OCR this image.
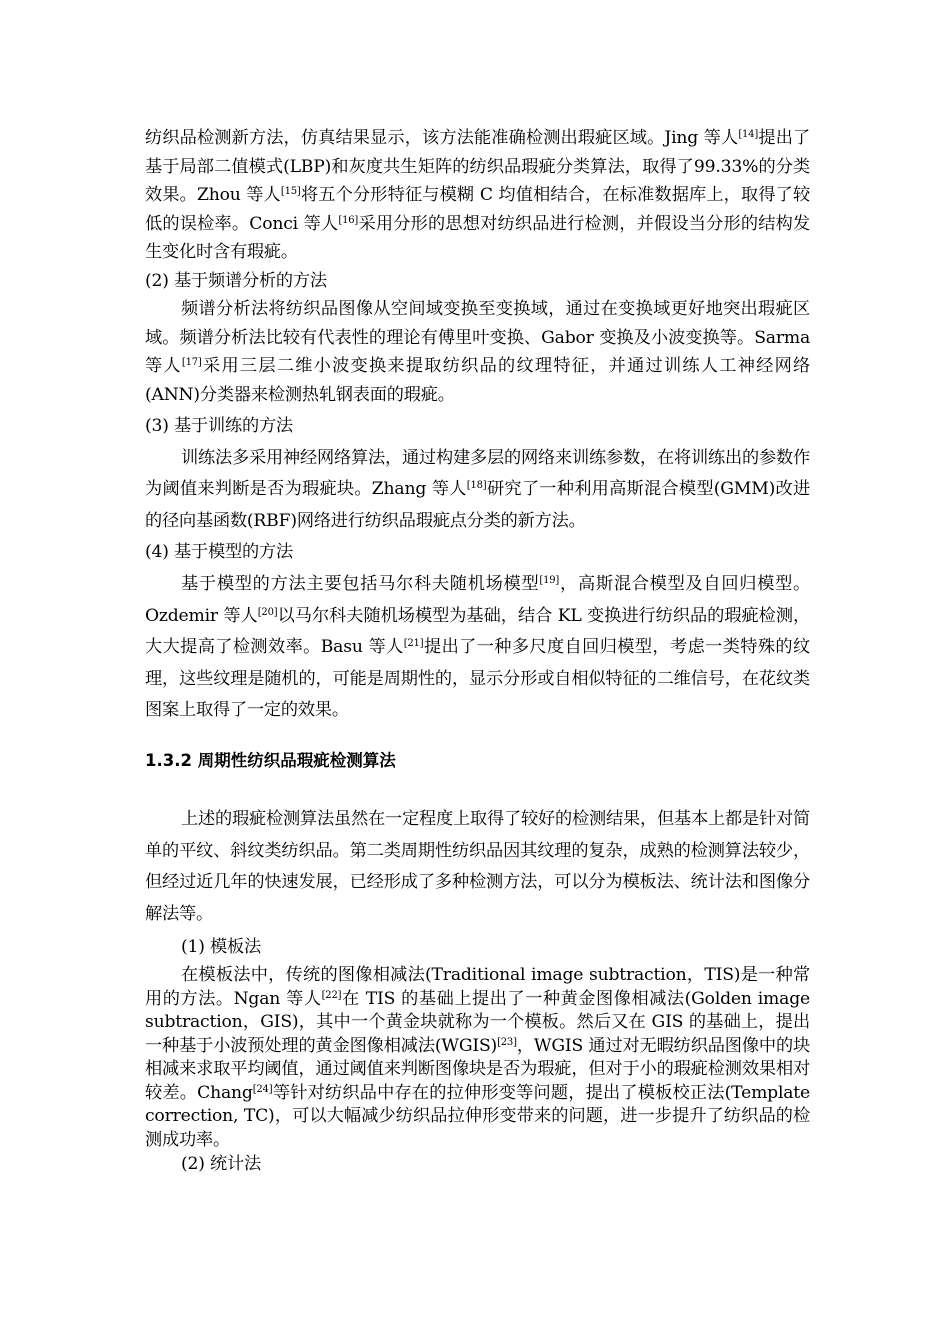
纺织品检测新方法，仿真结果显示，该方法能准确检测出瑕疵区域。Jing 等人[14]提出了基于局部二值模式(LBP)和灰度共生矩阵的纺织品瑕疵分类算法，取得了99.33%的分类效果。Zhou 等人[15]将五个分形特征与模糊 C 均值相结合，在标准数据库上，取得了较低的误检率。Conci 等人[16]采用分形的思想对纺织品进行检测，并假设当分形的结构发生变化时含有瑕疵。

(2) 基于频谱分析的方法

频谱分析法将纺织品图像从空间域变换至变换域，通过在变换域更好地突出瑕疵区域。频谱分析法比较有代表性的理论有傅里叶变换、Gabor 变换及小波变换等。Sarma 等人[17]采用三层二维小波变换来提取纺织品的纹理特征，并通过训练人工神经网络(ANN)分类器来检测热轧钢表面的瑕疵。

(3) 基于训练的方法

训练法多采用神经网络算法，通过构建多层的网络来训练参数，在将训练出的参数作为阈值来判断是否为瑕疵块。Zhang 等人[18]研究了一种利用高斯混合模型(GMM)改进的径向基函数(RBF)网络进行纺织品瑕疵点分类的新方法。

(4) 基于模型的方法

基于模型的方法主要包括马尔科夫随机场模型[19]，高斯混合模型及自回归模型。Ozdemir 等人[20]以马尔科夫随机场模型为基础，结合 KL 变换进行纺织品的瑕疵检测，大大提高了检测效率。Basu 等人[21]提出了一种多尺度自回归模型，考虑一类特殊的纹理，这些纹理是随机的，可能是周期性的，显示分形或自相似特征的二维信号，在花纹类图案上取得了一定的效果。

1.3.2 周期性纺织品瑕疵检测算法

上述的瑕疵检测算法虽然在一定程度上取得了较好的检测结果，但基本上都是针对简单的平纹、斜纹类纺织品。第二类周期性纺织品因其纹理的复杂，成熟的检测算法较少，但经过近几年的快速发展，已经形成了多种检测方法，可以分为模板法、统计法和图像分解法等。

(1) 模板法

在模板法中，传统的图像相减法(Traditional image subtraction，TIS)是一种常用的方法。Ngan 等人[22]在 TIS 的基础上提出了一种黄金图像相减法(Golden image subtraction，GIS)，其中一个黄金块就称为一个模板。然后又在 GIS 的基础上，提出一种基于小波预处理的黄金图像相减法(WGIS)[23]，WGIS 通过对无暇纺织品图像中的块相减来求取平均阈值，通过阈值来判断图像块是否为瑕疵，但对于小的瑕疵检测效果相对较差。Chang[24]等针对纺织品中存在的拉伸形变等问题，提出了模板校正法(Template correction, TC)，可以大幅减少纺织品拉伸形变带来的问题，进一步提升了纺织品的检测成功率。

(2) 统计法
